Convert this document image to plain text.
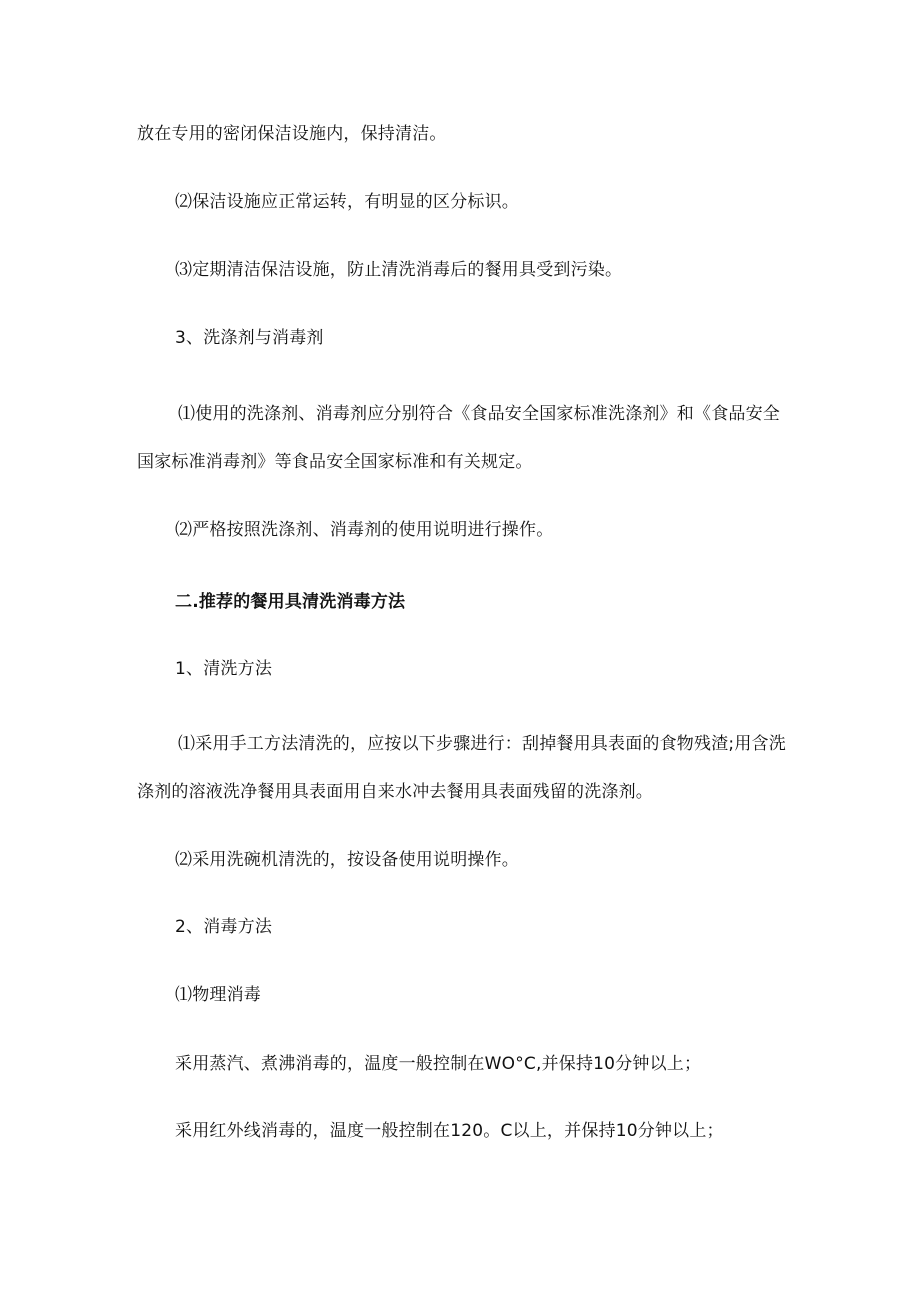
放在专用的密闭保洁设施内，保持清洁。
⑵保洁设施应正常运转，有明显的区分标识。
⑶定期清洁保洁设施，防止清洗消毒后的餐用具受到污染。
3、洗涤剂与消毒剂
⑴使用的洗涤剂、消毒剂应分别符合《食品安全国家标准洗涤剂》和《食品安全
国家标准消毒剂》等食品安全国家标准和有关规定。
⑵严格按照洗涤剂、消毒剂的使用说明进行操作。
二.推荐的餐用具清洗消毒方法
1、清洗方法
⑴采用手工方法清洗的，应按以下步骤进行：刮掉餐用具表面的食物残渣;用含洗
涤剂的溶液洗净餐用具表面用自来水冲去餐用具表面残留的洗涤剂。
⑵采用洗碗机清洗的，按设备使用说明操作。
2、消毒方法
⑴物理消毒
采用蒸汽、煮沸消毒的，温度一般控制在WO°C,并保持10分钟以上；
采用红外线消毒的，温度一般控制在120。C以上，并保持10分钟以上；
